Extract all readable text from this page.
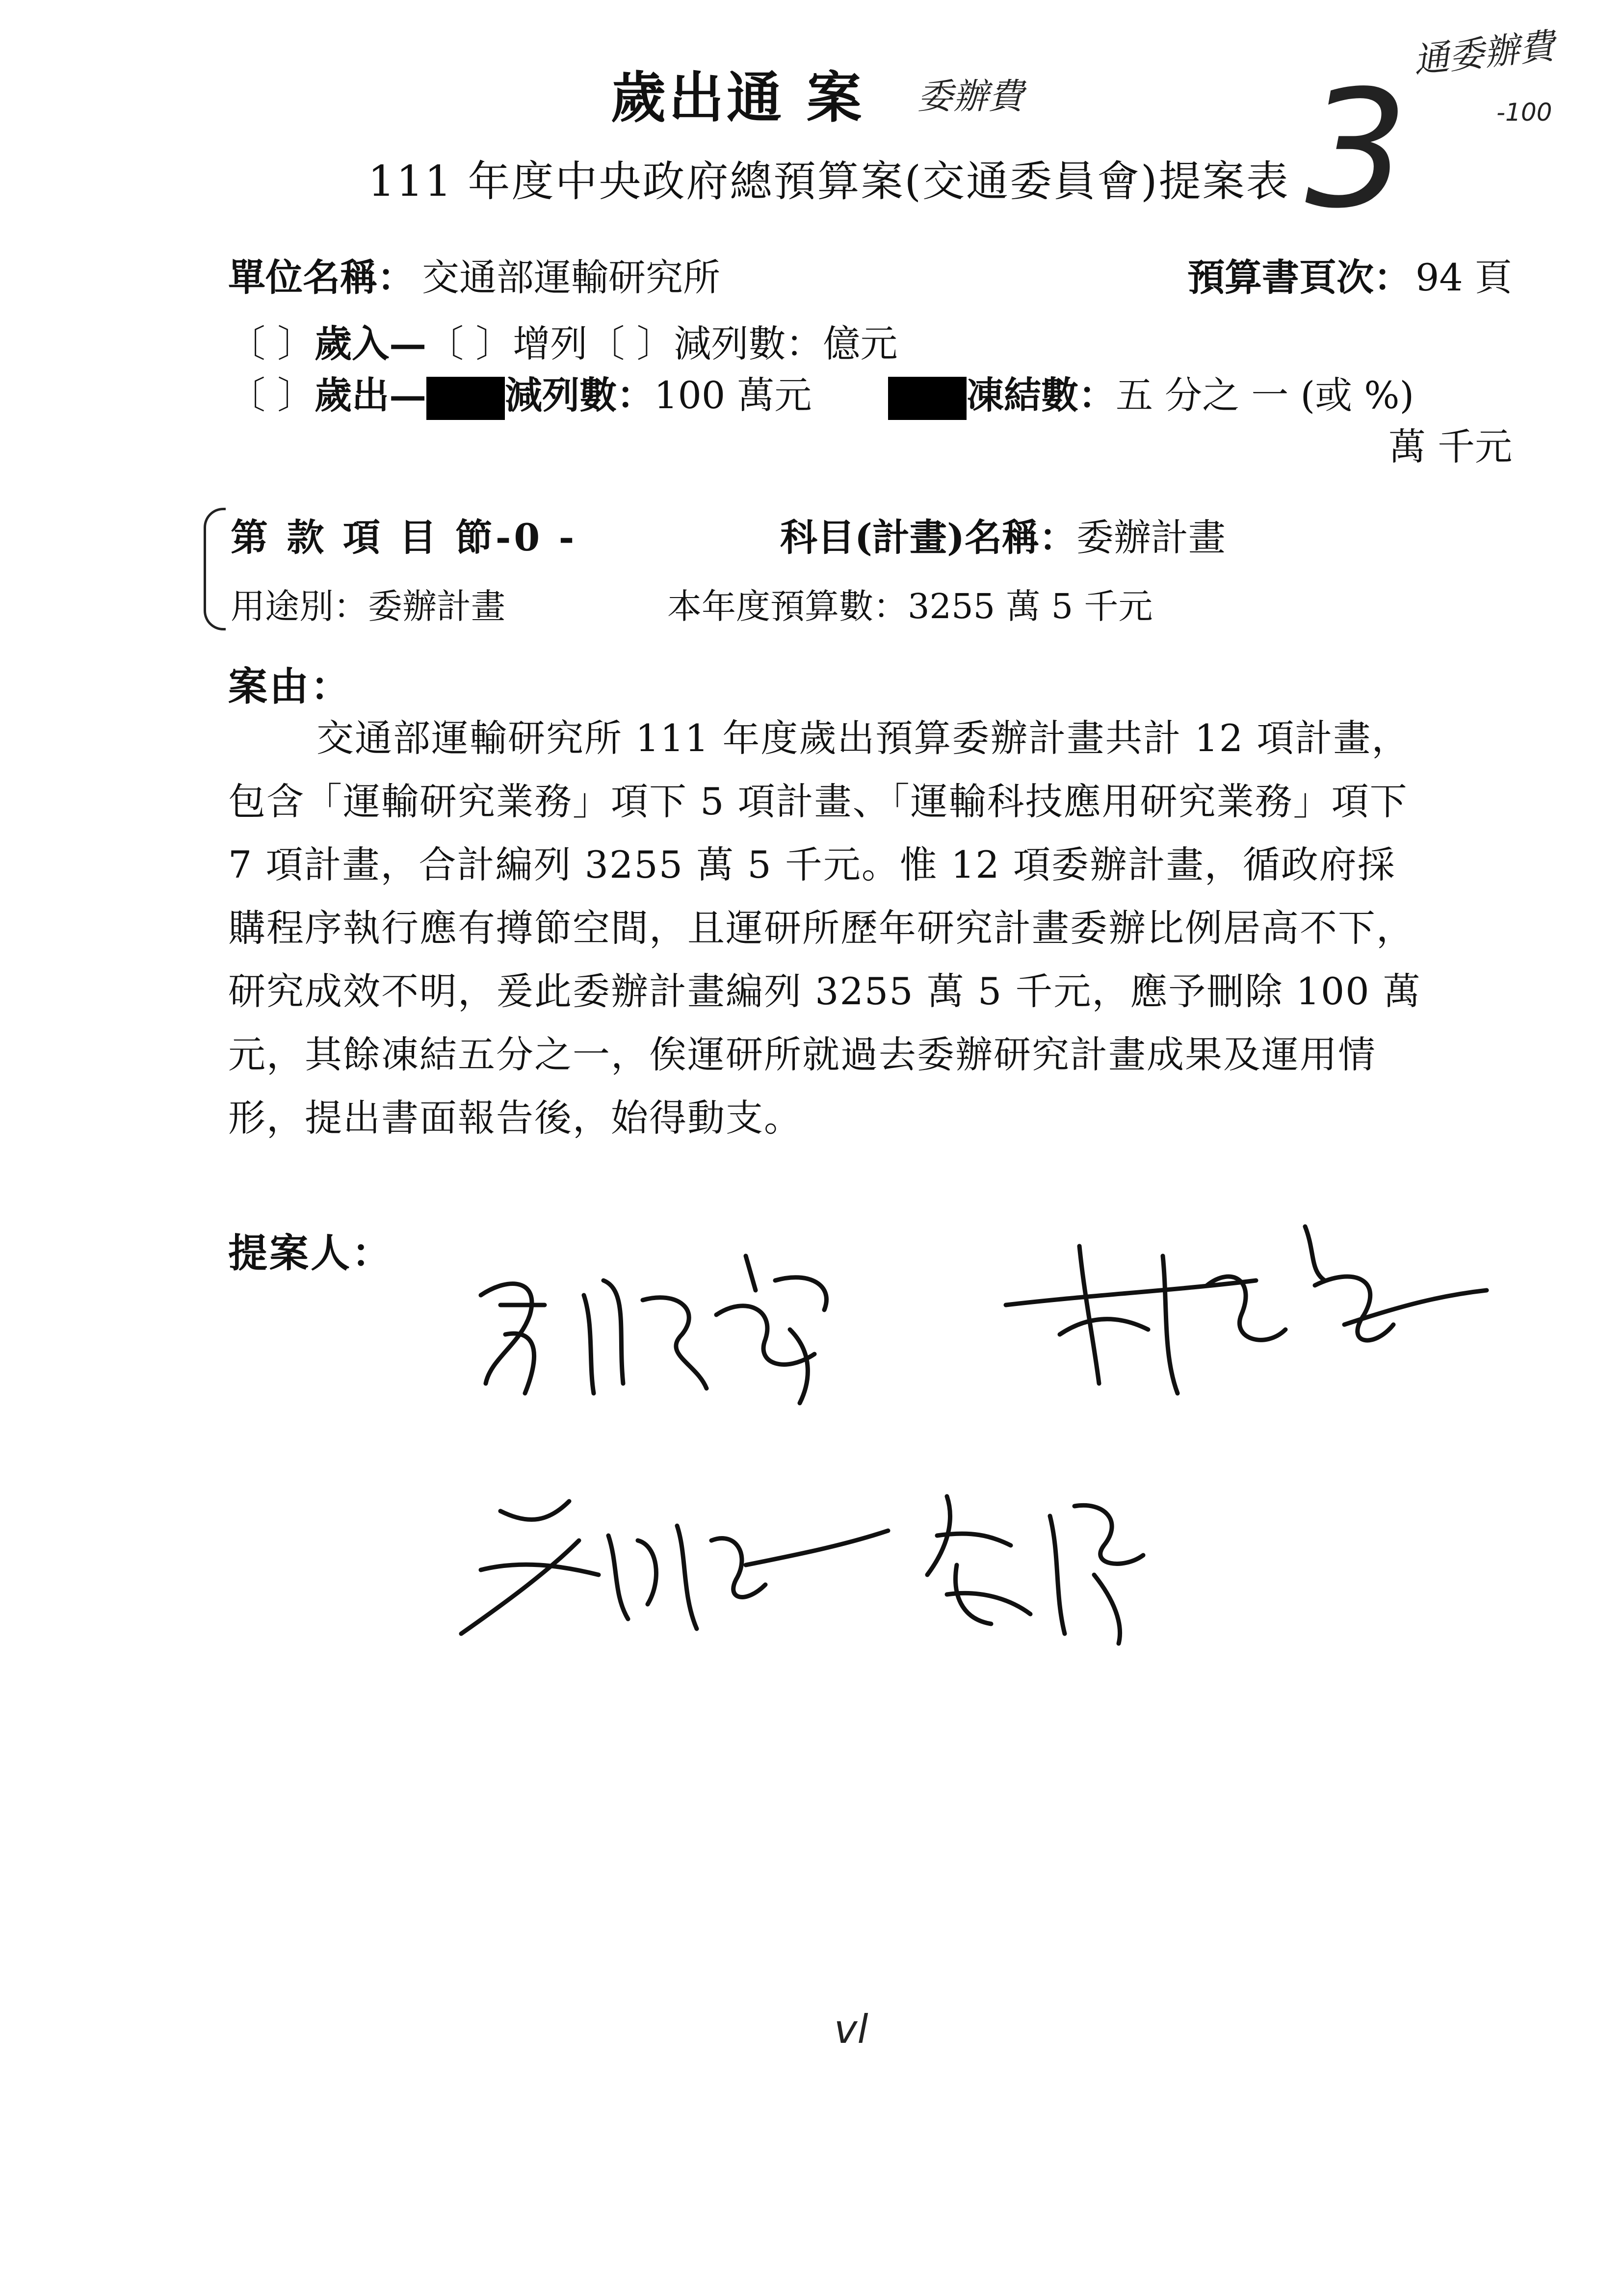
歲出通 案 委辦費
111 年度中央政府總預算案(交通委員會)提案表 3
通委辦費
-100
單位名稱： 交通部運輸研究所	預算書頁次： 94 頁
〔 〕歲入—〔 〕增列〔 〕減列數：億元
〔 〕歲出— 減列數：100 萬元	凍結數：五 分之 一 (或 %)
萬 千元
第 款 項 目 節-0 -	科目(計畫)名稱：委辦計畫
用途別：委辦計畫	本年度預算數：3255 萬 5 千元
案由：
交通部運輸研究所 111 年度歲出預算委辦計畫共計 12 項計畫，包含「運輸研究業務」項下 5 項計畫、「運輸科技應用研究業務」項下 7 項計畫，合計編列 3255 萬 5 千元。惟 12 項委辦計畫，循政府採購程序執行應有撙節空間，且運研所歷年研究計畫委辦比例居高不下，研究成效不明，爰此委辦計畫編列 3255 萬 5 千元，應予刪除 100 萬元，其餘凍結五分之一，俟運研所就過去委辦研究計畫成果及運用情形，提出書面報告後，始得動支。
提案人：
vl
